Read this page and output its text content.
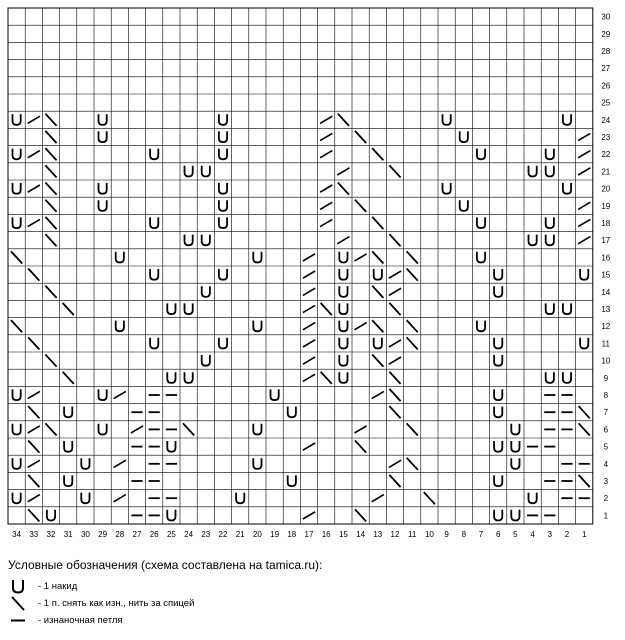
34 33 32 31 30 29 28 27 26 25 24 23 22 21 20 19 18 17 16 15 14 13 12 11 10 9 8 7 6 5 4 3 2 1
1
2
3
4
5
6
7
8
9
10
11
12
13
14
15
16
17
18
19
20
21
22
23
24
25
26
27
28
29
30
Условные обозначения (схема составлена на tamica.ru):
- 1 накид
- 1 п. снять как изн., нить за спицей
- изнаночная петля
